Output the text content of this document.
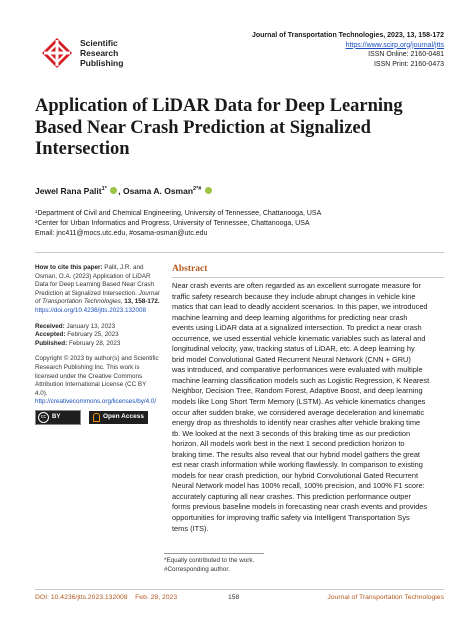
Scientific
Research
Publishing
Journal of Transportation Technologies, 2023, 13, 158-172
https://www.scirp.org/journal/jtts
ISSN Online: 2160-0481
ISSN Print: 2160-0473
Application of LiDAR Data for Deep Learning
Based Near Crash Prediction at Signalized
Intersection
Jewel Rana Palit$^{1*}$ , Osama A. Osman$^{2*\#}$
¹Department of Civil and Chemical Engineering, University of Tennessee, Chattanooga, USA
²Center for Urban Informatics and Progress, University of Tennessee, Chattanooga, USA
Email: jnc411@mocs.utc.edu, #osama-osman@utc.edu
How to cite this paper: Palit, J.R. and Osman, O.A. (2023) Application of LiDAR Data for Deep Learning Based Near Crash Prediction at Signalized Intersection. Journal of Transportation Technologies, 13, 158-172. https://doi.org/10.4236/jtts.2023.132008
Received: January 13, 2023
Accepted: February 25, 2023
Published: February 28, 2023
Copyright © 2023 by author(s) and Scientific Research Publishing Inc. This work is licensed under the Creative Commons Attribution International License (CC BY 4.0).
http://creativecommons.org/licenses/by/4.0/
cc	BY	Open Access
Abstract
Near crash events are often regarded as an excellent surrogate measure for
traffic safety research because they include abrupt changes in vehicle kine
matics that can lead to deadly accident scenarios. In this paper, we introduced
machine learning and deep learning algorithms for predicting near crash
events using LiDAR data at a signalized intersection. To predict a near crash
occurrence, we used essential vehicle kinematic variables such as lateral and
longitudinal velocity, yaw, tracking status of LiDAR, etc. A deep learning hy
brid model Convolutional Gated Recurrent Neural Network (CNN + GRU)
was introduced, and comparative performances were evaluated with multiple
machine learning classification models such as Logistic Regression, K Nearest
Neighbor, Decision Tree, Random Forest, Adaptive Boost, and deep learning
models like Long Short Term Memory (LSTM). As vehicle kinematics changes
occur after sudden brake, we considered average deceleration and kinematic
energy drop as thresholds to identify near crashes after vehicle braking time
tb. We looked at the next 3 seconds of this braking time as our prediction
horizon. All models work best in the next 1 second prediction horizon to
braking time. The results also reveal that our hybrid model gathers the great
est near crash information while working flawlessly. In comparison to existing
models for near crash prediction, our hybrid Convolutional Gated Recurrent
Neural Network model has 100% recall, 100% precision, and 100% F1 score:
accurately capturing all near crashes. This prediction performance outper
forms previous baseline models in forecasting near crash events and provides
opportunities for improving traffic safety via Intelligent Transportation Sys
tems (ITS).
*Equally contributed to the work.
#Corresponding author.
DOI: 10.4236/jtts.2023.132008 Feb. 28, 2023	158	Journal of Transportation Technologies
